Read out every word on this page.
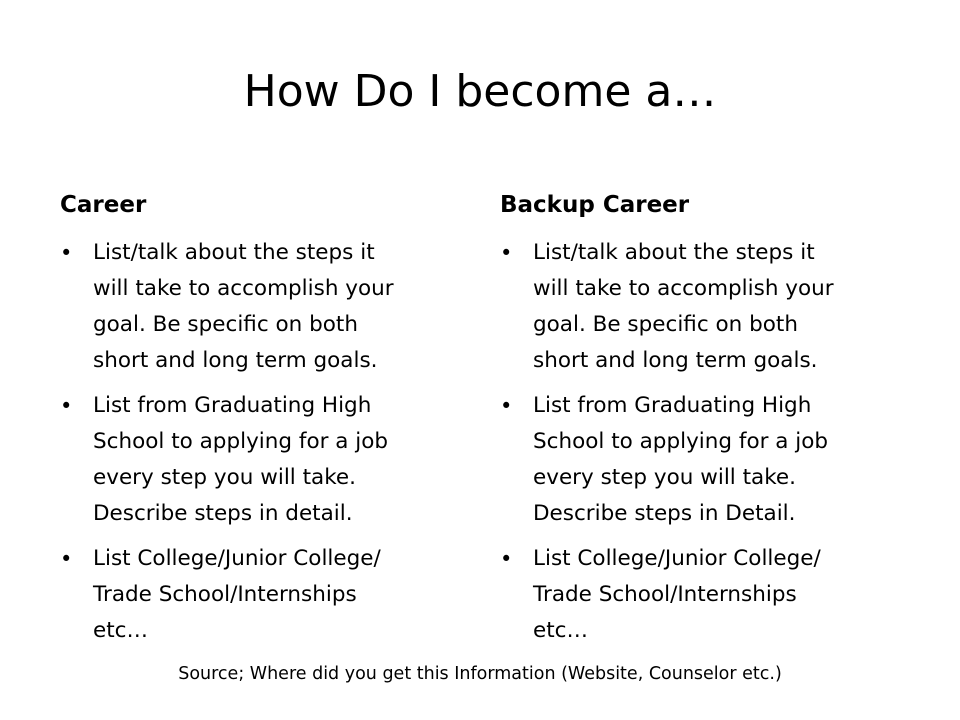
How Do I become a…
Career
• List/talk about the steps it
will take to accomplish your
goal. Be specific on both
short and long term goals.
• List from Graduating High
School to applying for a job
every step you will take.
Describe steps in detail.
• List College/Junior College/
Trade School/Internships
etc…
Backup Career
• List/talk about the steps it
will take to accomplish your
goal. Be specific on both
short and long term goals.
• List from Graduating High
School to applying for a job
every step you will take.
Describe steps in Detail.
• List College/Junior College/
Trade School/Internships
etc…
Source; Where did you get this Information (Website, Counselor etc.)
